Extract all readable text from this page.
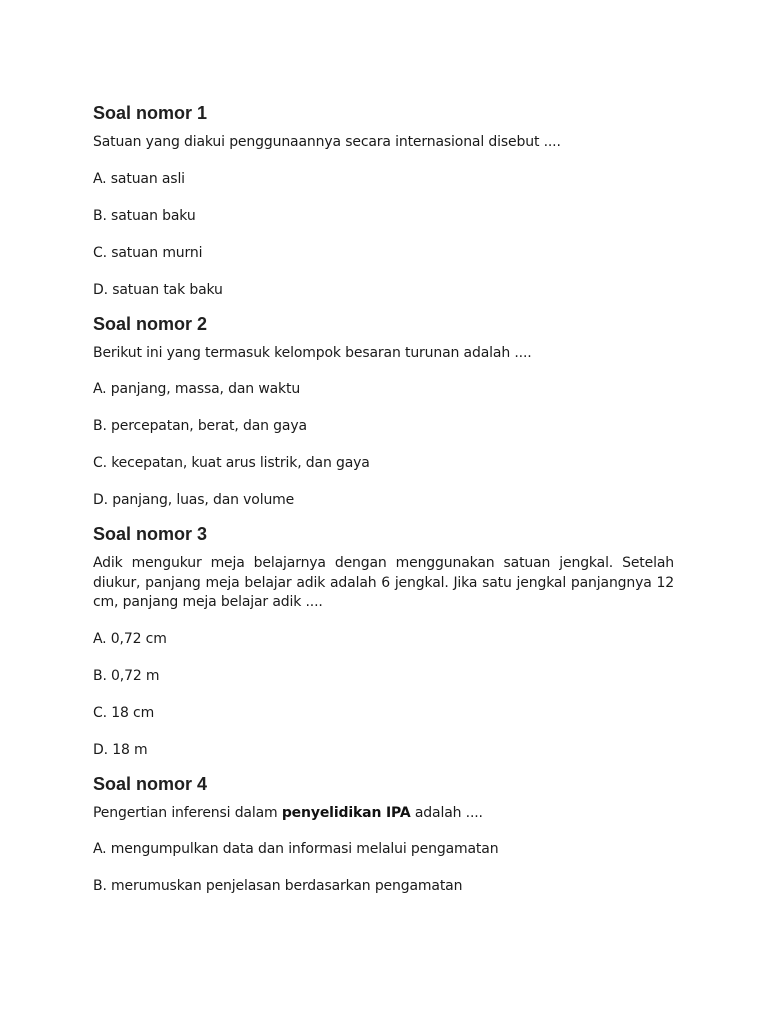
Soal nomor 1

Satuan yang diakui penggunaannya secara internasional disebut ....

A. satuan asli

B. satuan baku

C. satuan murni

D. satuan tak baku

Soal nomor 2

Berikut ini yang termasuk kelompok besaran turunan adalah ....

A. panjang, massa, dan waktu

B. percepatan, berat, dan gaya

C. kecepatan, kuat arus listrik, dan gaya

D. panjang, luas, dan volume

Soal nomor 3

Adik mengukur meja belajarnya dengan menggunakan satuan jengkal. Setelah diukur, panjang meja belajar adik adalah 6 jengkal. Jika satu jengkal panjangnya 12 cm, panjang meja belajar adik ....

A. 0,72 cm

B. 0,72 m

C. 18 cm

D. 18 m

Soal nomor 4

Pengertian inferensi dalam penyelidikan IPA adalah ....

A. mengumpulkan data dan informasi melalui pengamatan

B. merumuskan penjelasan berdasarkan pengamatan
